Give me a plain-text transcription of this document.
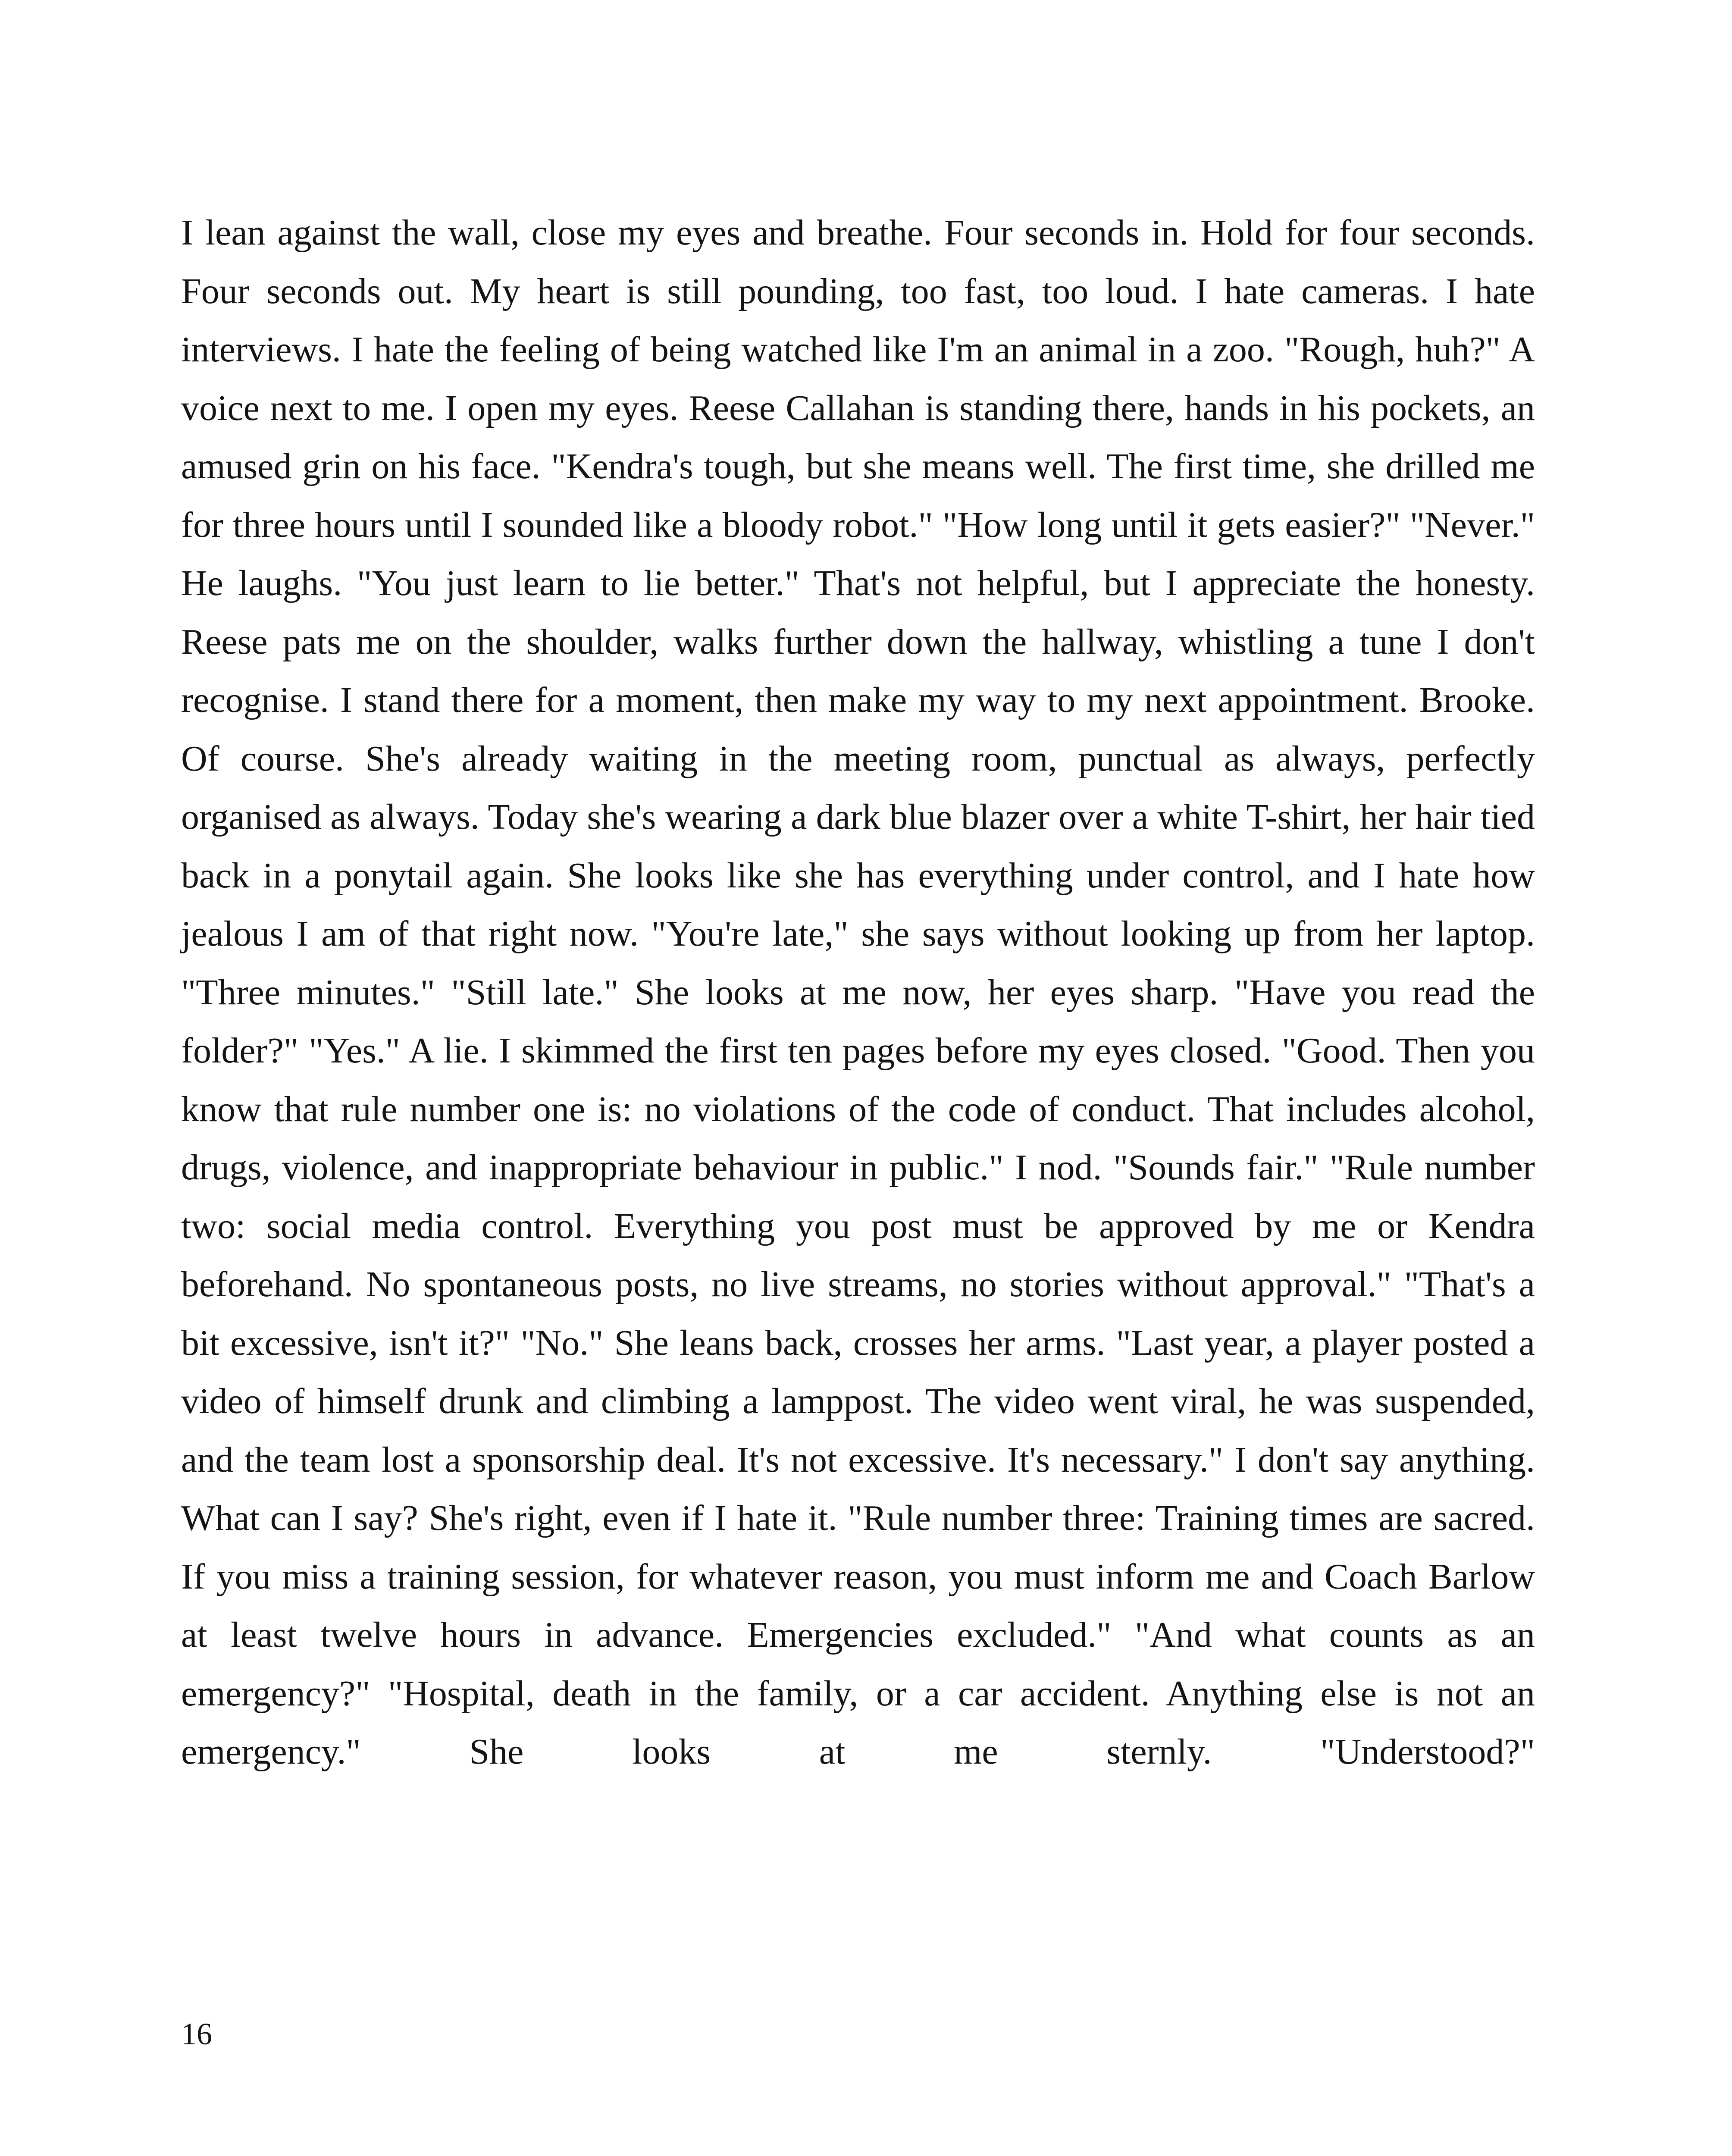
I lean against the wall, close my eyes and breathe. Four seconds in. Hold for four seconds. Four seconds out. My heart is still pounding, too fast, too loud. I hate cameras. I hate interviews. I hate the feeling of being watched like I'm an animal in a zoo. "Rough, huh?" A voice next to me. I open my eyes. Reese Callahan is standing there, hands in his pockets, an amused grin on his face. "Kendra's tough, but she means well. The first time, she drilled me for three hours until I sounded like a bloody robot." "How long until it gets easier?" "Never." He laughs. "You just learn to lie better." That's not helpful, but I appreciate the honesty. Reese pats me on the shoulder, walks further down the hallway, whistling a tune I don't recognise. I stand there for a moment, then make my way to my next appointment. Brooke. Of course. She's already waiting in the meeting room, punctual as always, perfectly organised as always. Today she's wearing a dark blue blazer over a white T-shirt, her hair tied back in a ponytail again. She looks like she has everything under control, and I hate how jealous I am of that right now. "You're late," she says without looking up from her laptop. "Three minutes." "Still late." She looks at me now, her eyes sharp. "Have you read the folder?" "Yes." A lie. I skimmed the first ten pages before my eyes closed. "Good. Then you know that rule number one is: no violations of the code of conduct. That includes alcohol, drugs, violence, and inappropriate behaviour in public." I nod. "Sounds fair." "Rule number two: social media control. Everything you post must be approved by me or Kendra beforehand. No spontaneous posts, no live streams, no stories without approval." "That's a bit excessive, isn't it?" "No." She leans back, crosses her arms. "Last year, a player posted a video of himself drunk and climbing a lamppost. The video went viral, he was suspended, and the team lost a sponsorship deal. It's not excessive. It's necessary." I don't say anything. What can I say? She's right, even if I hate it. "Rule number three: Training times are sacred. If you miss a training session, for whatever reason, you must inform me and Coach Barlow at least twelve hours in advance. Emergencies excluded." "And what counts as an emergency?" "Hospital, death in the family, or a car accident. Anything else is not an emergency." She looks at me sternly. "Understood?"

16
